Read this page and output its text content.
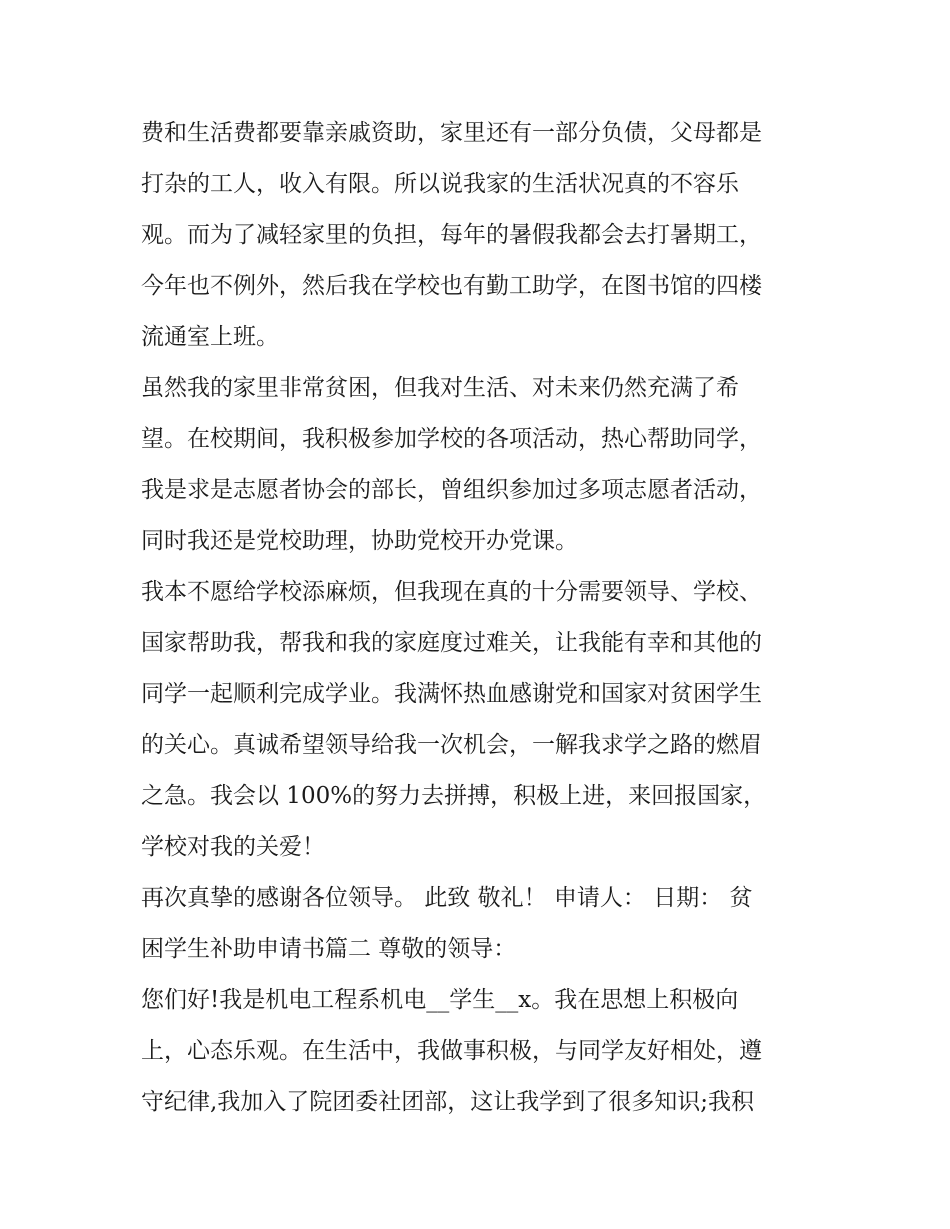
费和生活费都要靠亲戚资助，家里还有一部分负债，父母都是
打杂的工人，收入有限。所以说我家的生活状况真的不容乐
观。而为了减轻家里的负担，每年的暑假我都会去打暑期工，
今年也不例外，然后我在学校也有勤工助学，在图书馆的四楼
流通室上班。
虽然我的家里非常贫困，但我对生活、对未来仍然充满了希
望。在校期间，我积极参加学校的各项活动，热心帮助同学，
我是求是志愿者协会的部长，曾组织参加过多项志愿者活动，
同时我还是党校助理，协助党校开办党课。
我本不愿给学校添麻烦，但我现在真的十分需要领导、学校、
国家帮助我，帮我和我的家庭度过难关，让我能有幸和其他的
同学一起顺利完成学业。我满怀热血感谢党和国家对贫困学生
的关心。真诚希望领导给我一次机会，一解我求学之路的燃眉
之急。我会以 100%的努力去拼搏，积极上进，来回报国家，
学校对我的关爱！
再次真挚的感谢各位领导。 此致 敬礼！ 申请人： 日期： 贫
困学生补助申请书篇二 尊敬的领导：
您们好!我是机电工程系机电__学生__x。我在思想上积极向
上，心态乐观。在生活中，我做事积极，与同学友好相处，遵
守纪律,我加入了院团委社团部，这让我学到了很多知识;我积
